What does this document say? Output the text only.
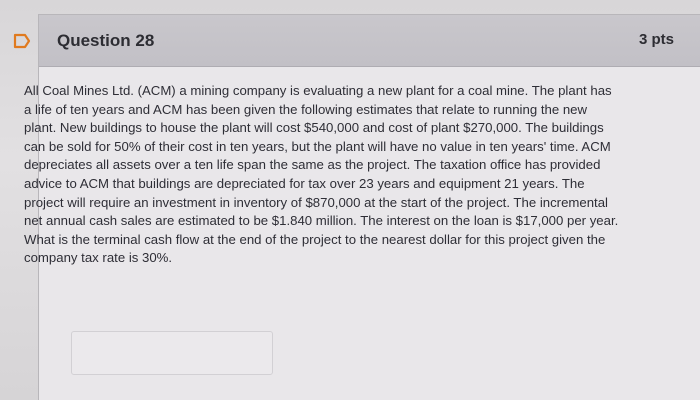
Question 28	3 pts
All Coal Mines Ltd. (ACM) a mining company is evaluating a new plant for a coal mine. The plant has a life of ten years and ACM has been given the following estimates that relate to running the new plant. New buildings to house the plant will cost $540,000 and cost of plant $270,000. The buildings can be sold for 50% of their cost in ten years, but the plant will have no value in ten years' time. ACM depreciates all assets over a ten life span the same as the project. The taxation office has provided advice to ACM that buildings are depreciated for tax over 23 years and equipment 21 years. The project will require an investment in inventory of $870,000 at the start of the project. The incremental net annual cash sales are estimated to be $1.840 million. The interest on the loan is $17,000 per year. What is the terminal cash flow at the end of the project to the nearest dollar for this project given the company tax rate is 30%.
